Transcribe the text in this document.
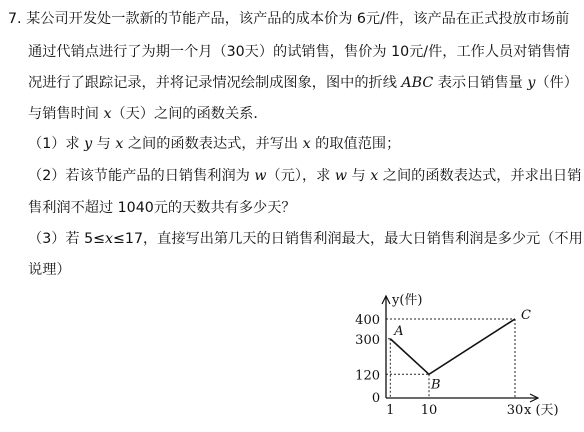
7. 某公司开发处一款新的节能产品，该产品的成本价为 6元/件，该产品在正式投放市场前
通过代销点进行了为期一个月（30天）的试销售，售价为 10元/件，工作人员对销售情
况进行了跟踪记录，并将记录情况绘制成图象，图中的折线 ABC 表示日销售量 y（件）
与销售时间 x（天）之间的函数关系．
（1）求 y 与 x 之间的函数表达式，并写出 x 的取值范围；
（2）若该节能产品的日销售利润为 w（元），求 w 与 x 之间的函数表达式，并求出日销
售利润不超过 1040元的天数共有多少天？
（3）若 5≤x≤17，直接写出第几天的日销售利润最大，最大日销售利润是多少元（不用
说理）
A
B
C
120
300
400
1 10	30
0
y(件)
x (天)
